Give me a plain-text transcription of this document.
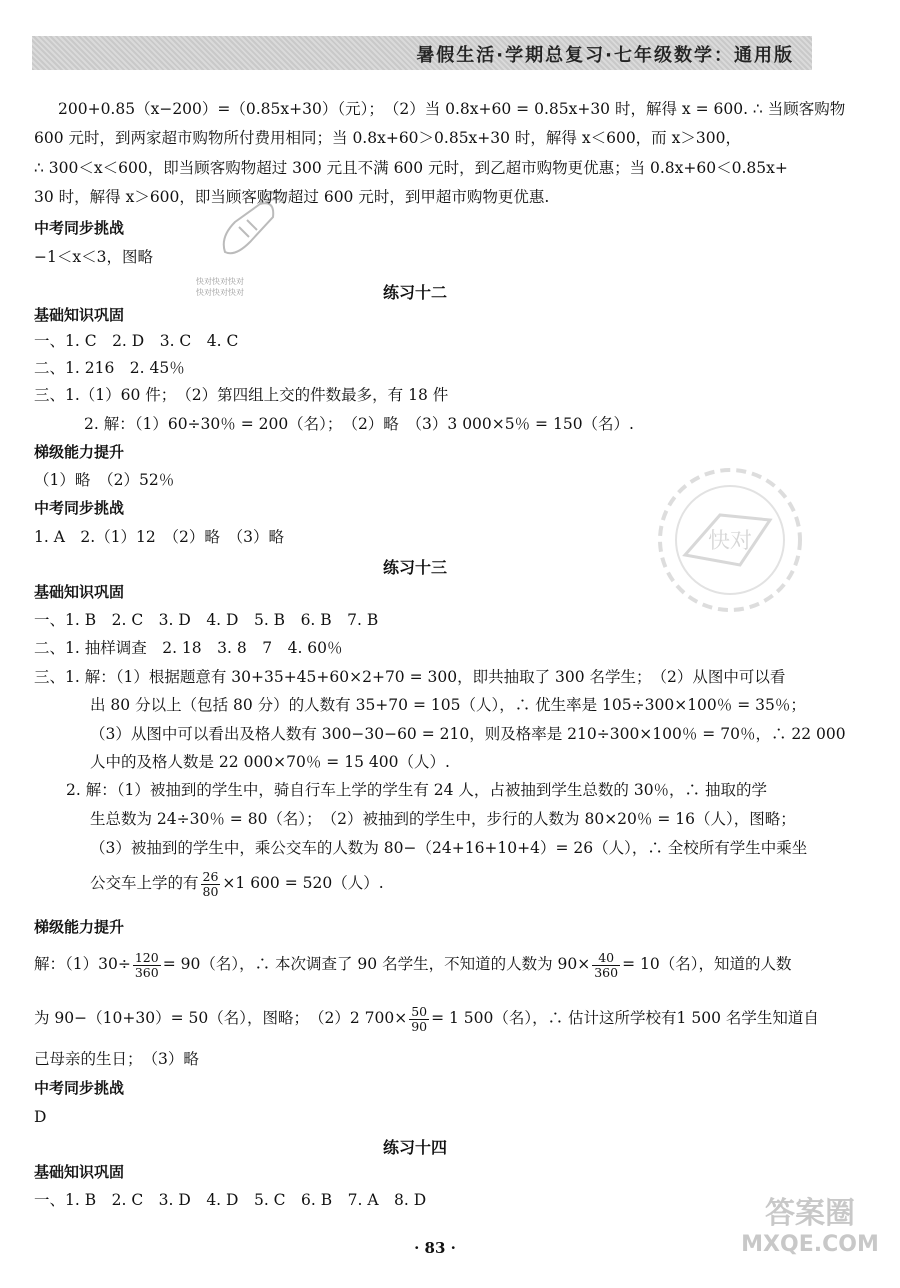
暑假生活·学期总复习·七年级数学：通用版
快对快对快对
快对快对快对
快对
答案圈
MXQE.COM
200+0.85（x−200）=（0.85x+30）（元）；　（2）当 0.8x+60 = 0.85x+30 时，解得 x = 600. ∴ 当顾客购物
600 元时，到两家超市购物所付费用相同；当 0.8x+60＞0.85x+30 时，解得 x＜600，而 x＞300，
∴ 300＜x＜600，即当顾客购物超过 300 元且不满 600 元时，到乙超市购物更优惠；当 0.8x+60＜0.85x+
30 时，解得 x＞600，即当顾客购物超过 600 元时，到甲超市购物更优惠.
中考同步挑战
−1＜x＜3，图略
练习十二
基础知识巩固
一、1. C　2. D　3. C　4. C
二、1. 216　2. 45％
三、1.（1）60 件；　（2）第四组上交的件数最多，有 18 件
2. 解：（1）60÷30％ = 200（名）；　（2）略　（3）3 000×5％ = 150（名）.
梯级能力提升
（1）略　（2）52％
中考同步挑战
1. A　2.（1）12　（2）略　（3）略
练习十三
基础知识巩固
一、1. B　2. C　3. D　4. D　5. B　6. B　7. B
二、1. 抽样调查　2. 18　3. 8　7　4. 60％
三、1. 解：（1）根据题意有 30+35+45+60×2+70 = 300，即共抽取了 300 名学生；　（2）从图中可以看
出 80 分以上（包括 80 分）的人数有 35+70 = 105（人），∴ 优生率是 105÷300×100％ = 35％；
（3）从图中可以看出及格人数有 300−30−60 = 210，则及格率是 210÷300×100％ = 70％，∴ 22 000
人中的及格人数是 22 000×70％ = 15 400（人）.
2. 解：（1）被抽到的学生中，骑自行车上学的学生有 24 人，占被抽到学生总数的 30％，∴ 抽取的学
生总数为 24÷30％ = 80（名）；　（2）被抽到的学生中，步行的人数为 80×20％ = 16（人），图略；
（3）被抽到的学生中，乘公交车的人数为 80−（24+16+10+4）= 26（人），∴ 全校所有学生中乘坐
公交车上学的有 $\frac{26}{80} \times 1$ 600 = 520（人）.
梯级能力提升
解：$(1)30\div \frac{120}{360} = 90$（名），∴ 本次调查了 90 名学生，不知道的人数为 $90\times \frac{40}{360} = 10$（名），知道的人数
为 90−（10+30）= 50（名），图略；　（2）2 $700\times \frac{50}{90} = 1$ 500（名），∴ 估计这所学校有1 500 名学生知道自
己母亲的生日；　（3）略
中考同步挑战
D
练习十四
基础知识巩固
一、1. B　2. C　3. D　4. D　5. C　6. B　7. A　8. D
· 83 ·
